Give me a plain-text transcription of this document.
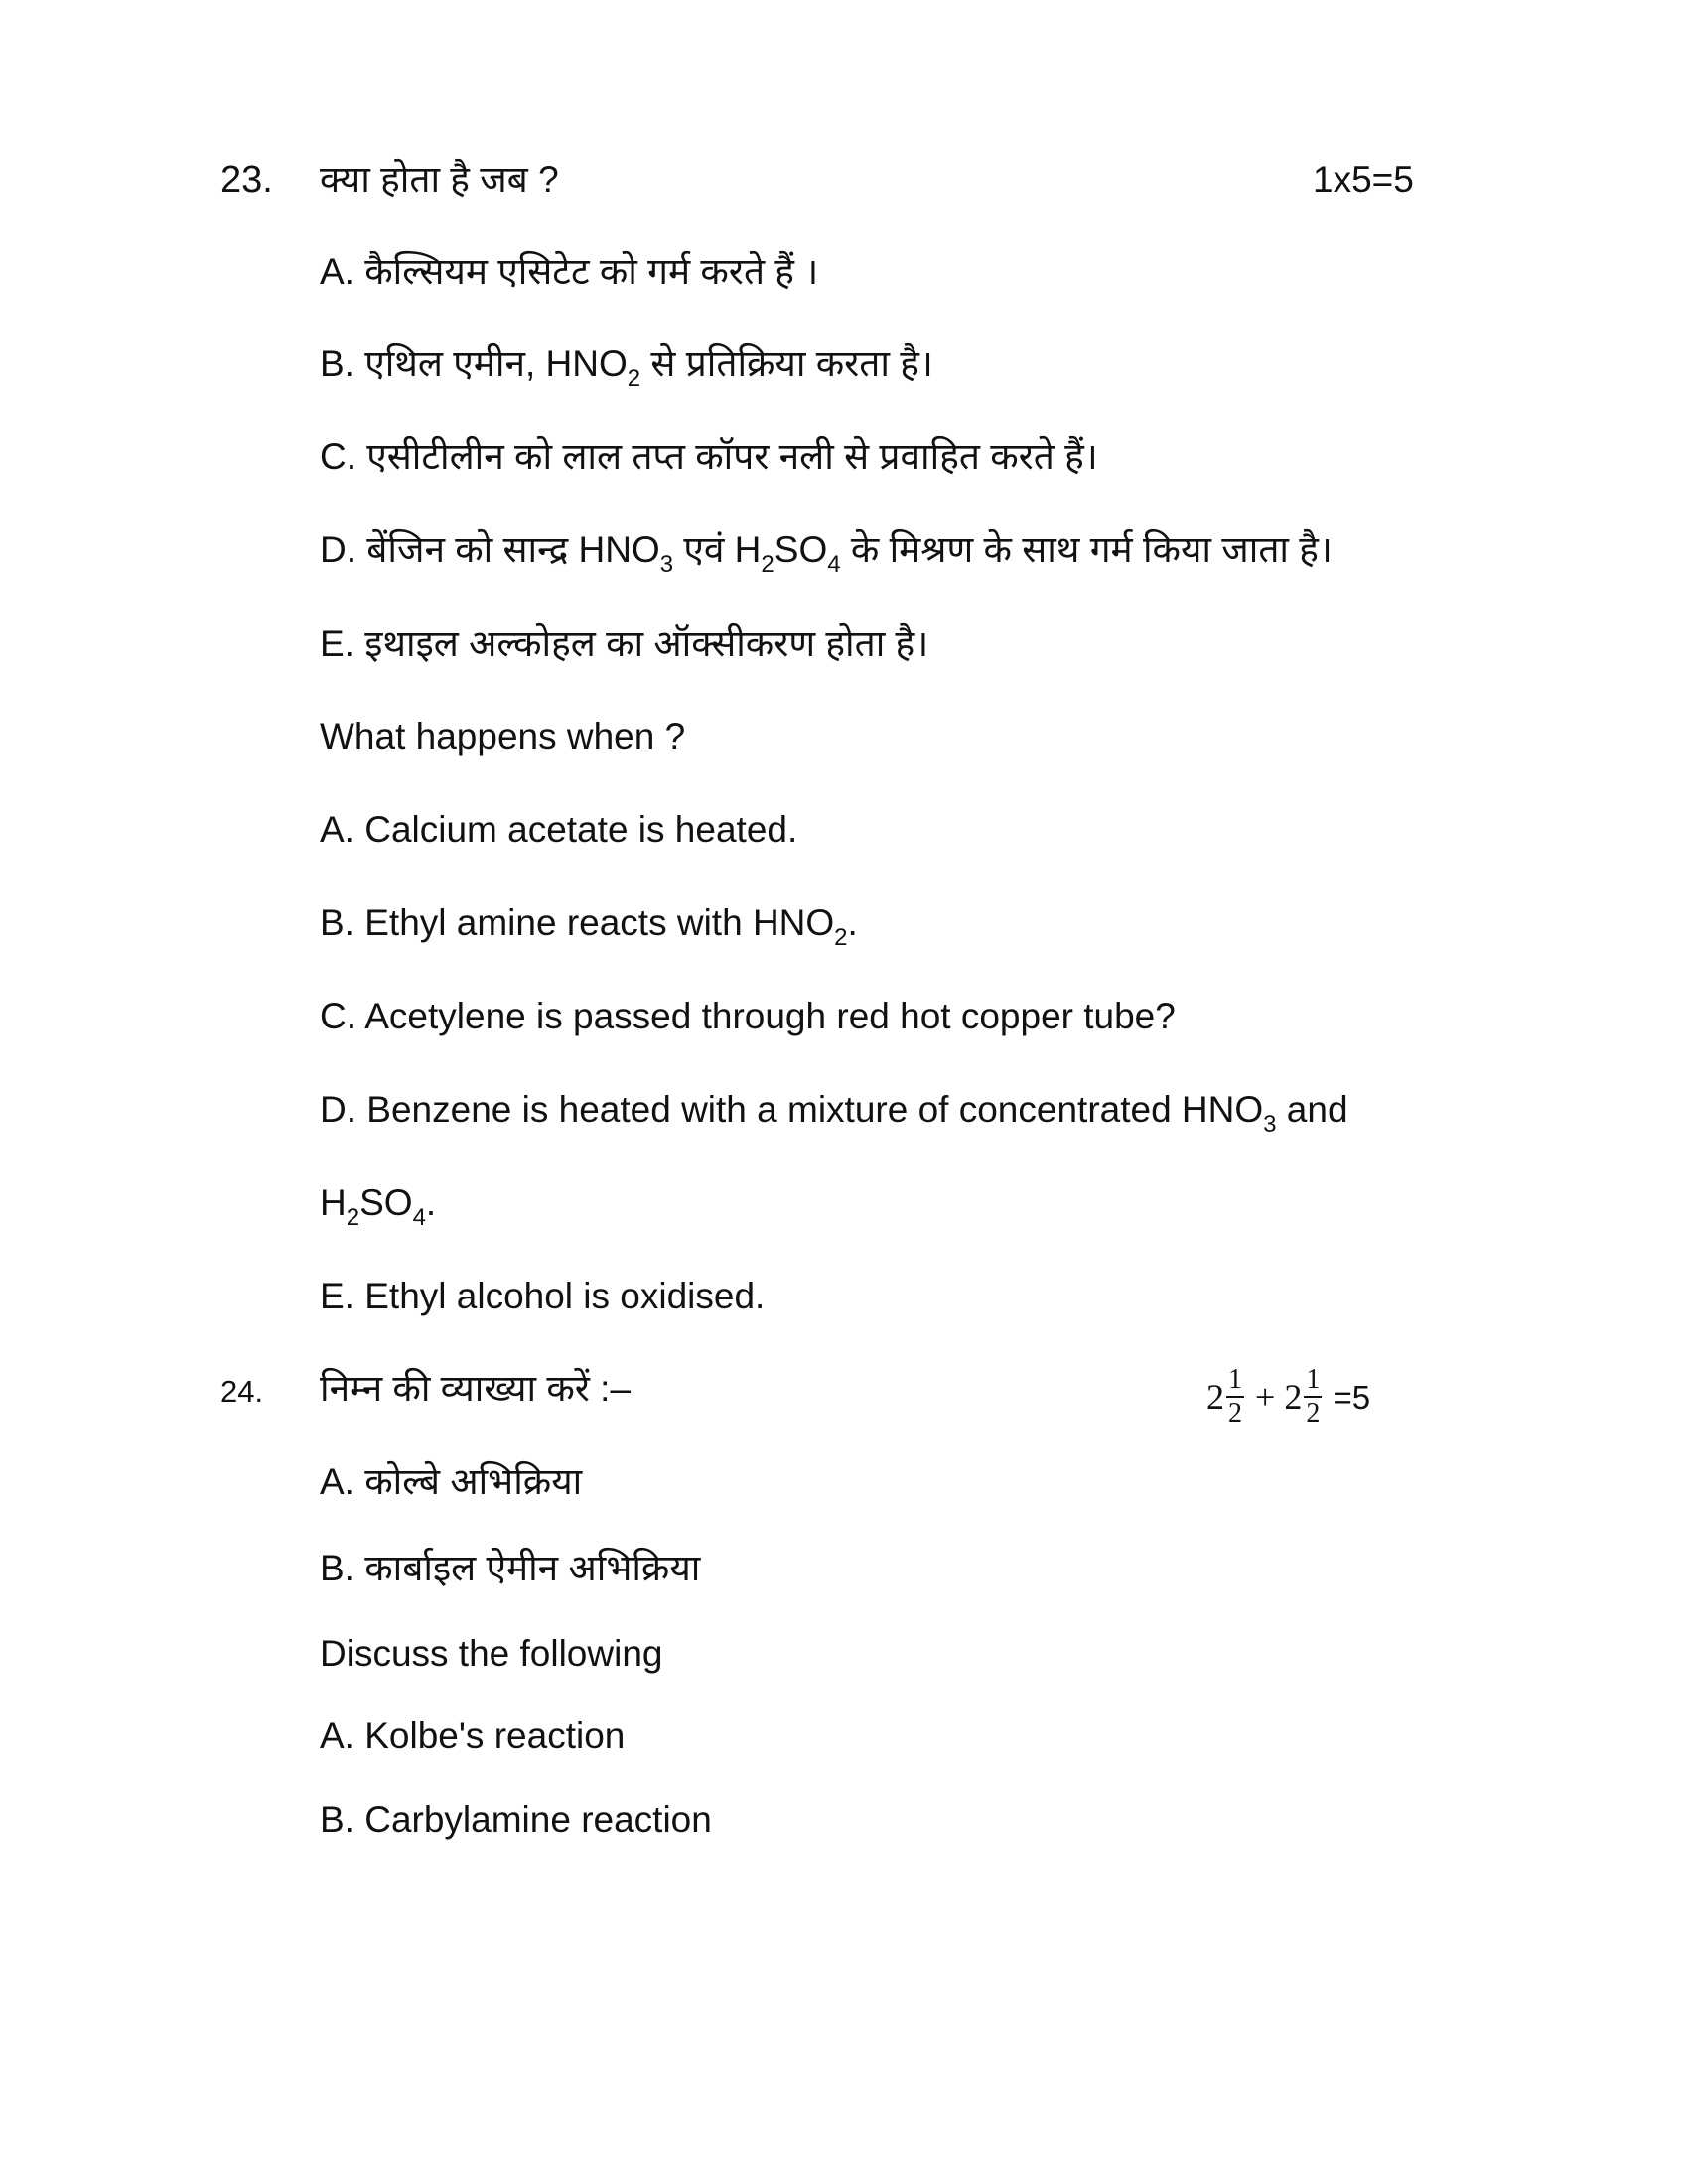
23. क्या होता है जब ?	1x5=5
A. कैल्सियम एसिटेट को गर्म करते हैं ।
B. एथिल एमीन, $HNO_2$ से प्रतिक्रिया करता है।
C. एसीटीलीन को लाल तप्त कॉपर नली से प्रवाहित करते हैं।
D. बेंजिन को सान्द्र $HNO_3$ एवं $H_2SO_4$ के मिश्रण के साथ गर्म किया जाता है।
E. इथाइल अल्कोहल का ऑक्सीकरण होता है।
What happens when ?
A. Calcium acetate is heated.
B. Ethyl amine reacts with $HNO_2$.
C. Acetylene is passed through red hot copper tube?
D. Benzene is heated with a mixture of concentrated $HNO_3$ and
$H_2SO_4$.
E. Ethyl alcohol is oxidised.
24. निम्न की व्याख्या करें :–	$2 \frac{1}{2} + 2 \frac{1}{2} =5$
A. कोल्बे अभिक्रिया
B. कार्बाइल ऐमीन अभिक्रिया
Discuss the following
A. Kolbe's reaction
B. Carbylamine reaction
